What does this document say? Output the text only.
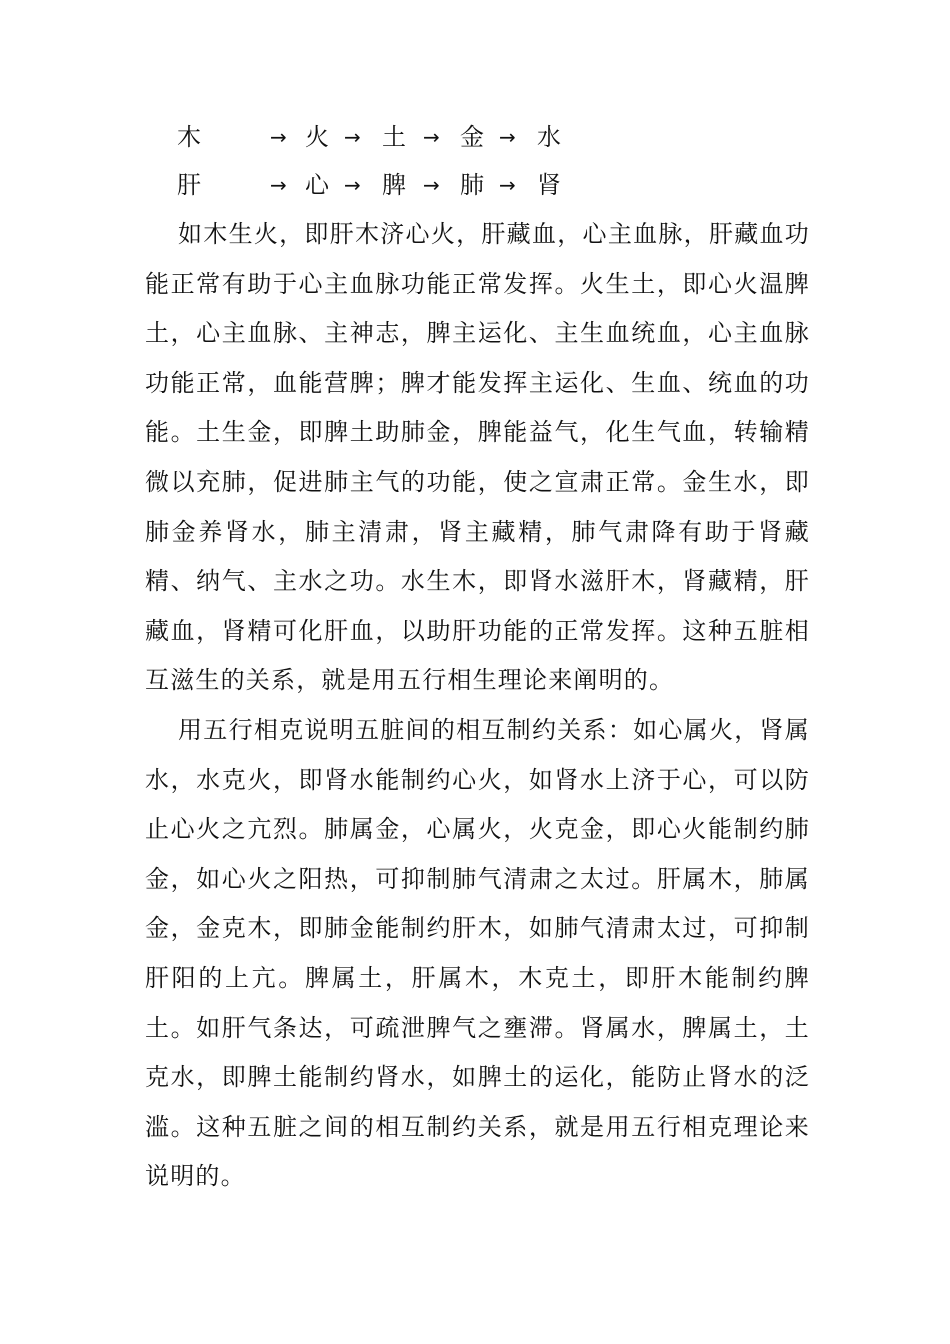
木	→ 火 → 土 → 金 → 水
肝	→ 心 → 脾 → 肺 → 肾

如木生火，即肝木济心火，肝藏血，心主血脉，肝藏血功能正常有助于心主血脉功能正常发挥。火生土，即心火温脾土，心主血脉、主神志，脾主运化、主生血统血，心主血脉功能正常，血能营脾；脾才能发挥主运化、生血、统血的功能。土生金，即脾土助肺金，脾能益气，化生气血，转输精微以充肺，促进肺主气的功能，使之宣肃正常。金生水，即肺金养肾水，肺主清肃，肾主藏精，肺气肃降有助于肾藏精、纳气、主水之功。水生木，即肾水滋肝木，肾藏精，肝藏血，肾精可化肝血，以助肝功能的正常发挥。这种五脏相互滋生的关系，就是用五行相生理论来阐明的。

用五行相克说明五脏间的相互制约关系：如心属火，肾属水，水克火，即肾水能制约心火，如肾水上济于心，可以防止心火之亢烈。肺属金，心属火，火克金，即心火能制约肺金，如心火之阳热，可抑制肺气清肃之太过。肝属木，肺属金，金克木，即肺金能制约肝木，如肺气清肃太过，可抑制肝阳的上亢。脾属土，肝属木，木克土，即肝木能制约脾土。如肝气条达，可疏泄脾气之壅滞。肾属水，脾属土，土克水，即脾土能制约肾水，如脾土的运化，能防止肾水的泛滥。这种五脏之间的相互制约关系，就是用五行相克理论来说明的。
